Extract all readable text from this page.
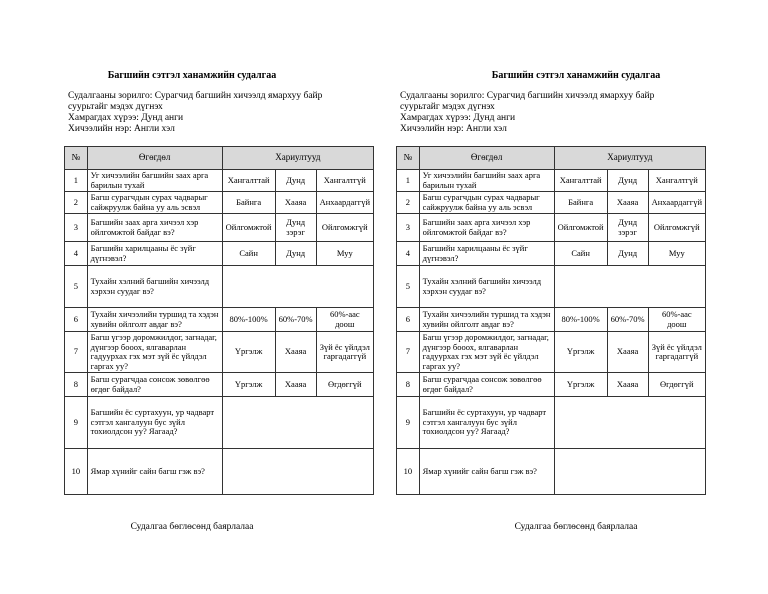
Багшийн сэтгэл ханамжийн судалгаа
Судалгааны зорилго: Сурагчид багшийн хичээлд ямархуу байр суурьтайг мэдэх дүгнэх
Хамрагдах хүрээ: Дунд анги
Хичээлийн нэр: Англи хэл
№	Өгөгдөл	Хариултууд		
1	Уг хичээлийн багшийн заах арга барилын тухай	Хангалттай	Дунд	Хангалтгүй
2	Багш сурагчдын сурах чадварыг сайжруулж байна уу аль эсвэл	Байнга	Хааяа	Анхаардаггүй
3	Багшийн заах арга хичээл хэр ойлгомжтой байдаг вэ?	Ойлгомжтой	Дунд зэрэг	Ойлгомжгүй
4	Багшийн харилцааны ёс зүйг дүгнэвэл?	Сайн	Дунд	Муу
5	Тухайн хэлний багшийн хичээлд хэрхэн суудаг вэ?			
6	Тухайн хичээлийн туршид та хэдэн хувийн ойлголт авдаг вэ?	80%-100%	60%-70%	60%-аас доош
7	Багш үгээр доромжилдог, загнадаг, дүнгээр бооох, ялгаварлан гадуурхах гэх мэт зүй ёс үйлдэл гаргах уу?	Үргэлж	Хааяа	Зүй ёс үйлдэл гаргадаггүй
8	Багш сурагчдаа сонсож зөвөлгөө өгдөг байдал?	Үргэлж	Хааяа	Өгдөггүй
9	Багшийн ёс суртахуун, ур чадварт сэтгэл хангалуун бус зүйл тохиолдсон уу? Яагаад?			
10	Ямар хүнийг сайн багш гэж вэ?			
Судалгаа бөглөсөнд баярлалаа
Багшийн сэтгэл ханамжийн судалгаа
Судалгааны зорилго: Сурагчид багшийн хичээлд ямархуу байр суурьтайг мэдэх дүгнэх
Хамрагдах хүрээ: Дунд анги
Хичээлийн нэр: Англи хэл
№	Өгөгдөл	Хариултууд		
1	Уг хичээлийн багшийн заах арга барилын тухай	Хангалттай	Дунд	Хангалтгүй
2	Багш сурагчдын сурах чадварыг сайжруулж байна уу аль эсвэл	Байнга	Хааяа	Анхаардаггүй
3	Багшийн заах арга хичээл хэр ойлгомжтой байдаг вэ?	Ойлгомжтой	Дунд зэрэг	Ойлгомжгүй
4	Багшийн харилцааны ёс зүйг дүгнэвэл?	Сайн	Дунд	Муу
5	Тухайн хэлний багшийн хичээлд хэрхэн суудаг вэ?			
6	Тухайн хичээлийн туршид та хэдэн хувийн ойлголт авдаг вэ?	80%-100%	60%-70%	60%-аас доош
7	Багш үгээр доромжилдог, загнадаг, дүнгээр бооох, ялгаварлан гадуурхах гэх мэт зүй ёс үйлдэл гаргах уу?	Үргэлж	Хааяа	Зүй ёс үйлдэл гаргадаггүй
8	Багш сурагчдаа сонсож зөвөлгөө өгдөг байдал?	Үргэлж	Хааяа	Өгдөггүй
9	Багшийн ёс суртахуун, ур чадварт сэтгэл хангалуун бус зүйл тохиолдсон уу? Яагаад?			
10	Ямар хүнийг сайн багш гэж вэ?			
Судалгаа бөглөсөнд баярлалаа
